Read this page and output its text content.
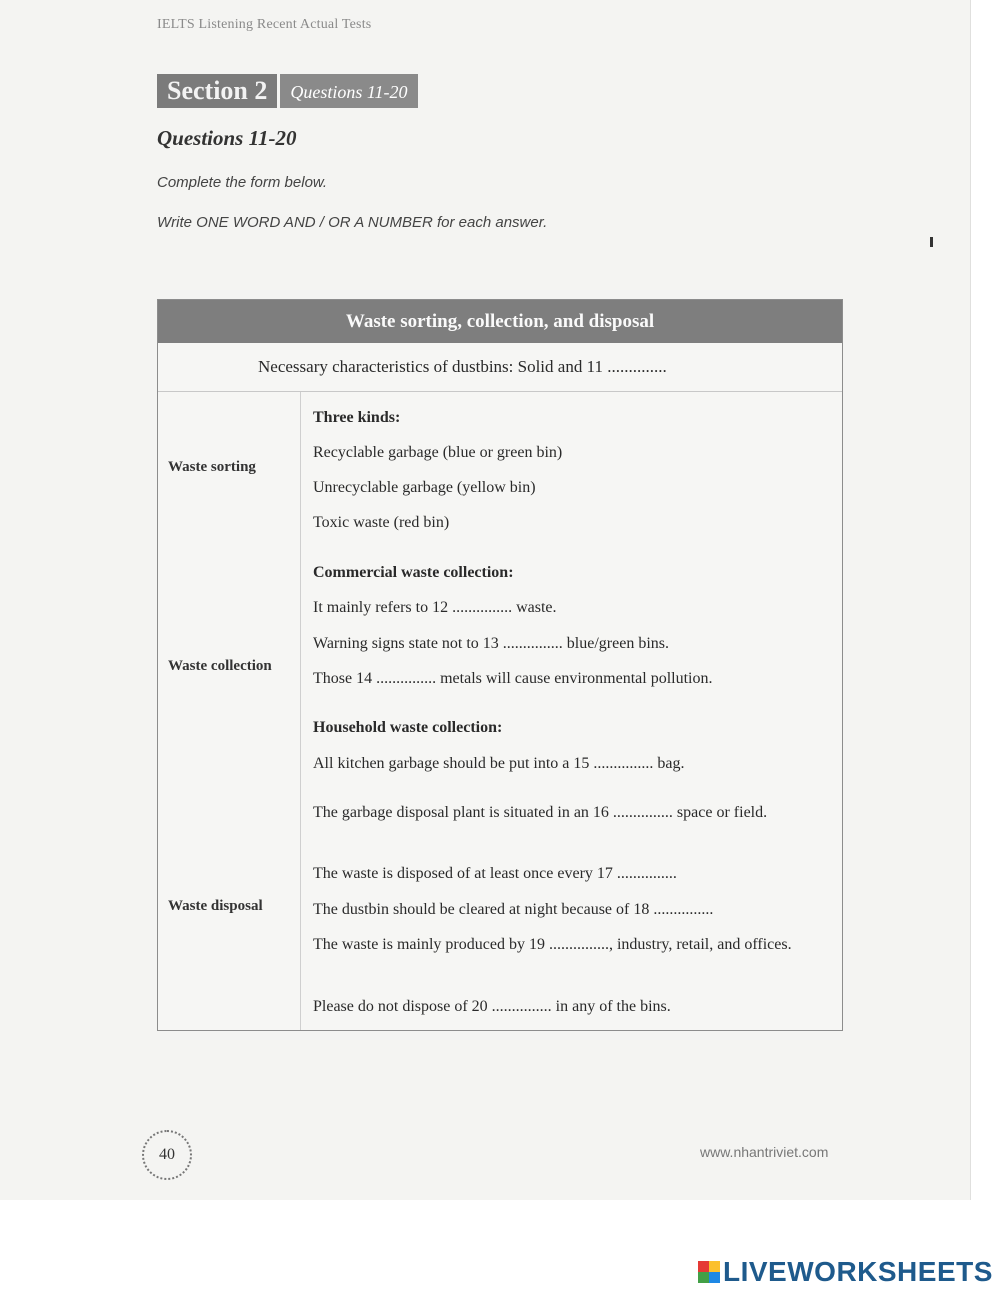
IELTS Listening Recent Actual Tests
Section 2	Questions 11-20
Questions 11-20
Complete the form below.
Write ONE WORD AND / OR A NUMBER for each answer.
Waste sorting, collection, and disposal
Necessary characteristics of dustbins: Solid and 11 ..............
Waste sorting
Waste collection
Waste disposal
Three kinds:
Recyclable garbage (blue or green bin)
Unrecyclable garbage (yellow bin)
Toxic waste (red bin)
Commercial waste collection:
It mainly refers to 12 ............... waste.
Warning signs state not to 13 ............... blue/green bins.
Those 14 ............... metals will cause environmental pollution.
Household waste collection:
All kitchen garbage should be put into a 15 ............... bag.
The garbage disposal plant is situated in an 16 ............... space or field.
The waste is disposed of at least once every 17 ...............
The dustbin should be cleared at night because of 18 ...............
The waste is mainly produced by 19 ..............., industry, retail, and offices.
Please do not dispose of 20 ............... in any of the bins.
40	www.nhantriviet.com
LIVEWORKSHEETS
